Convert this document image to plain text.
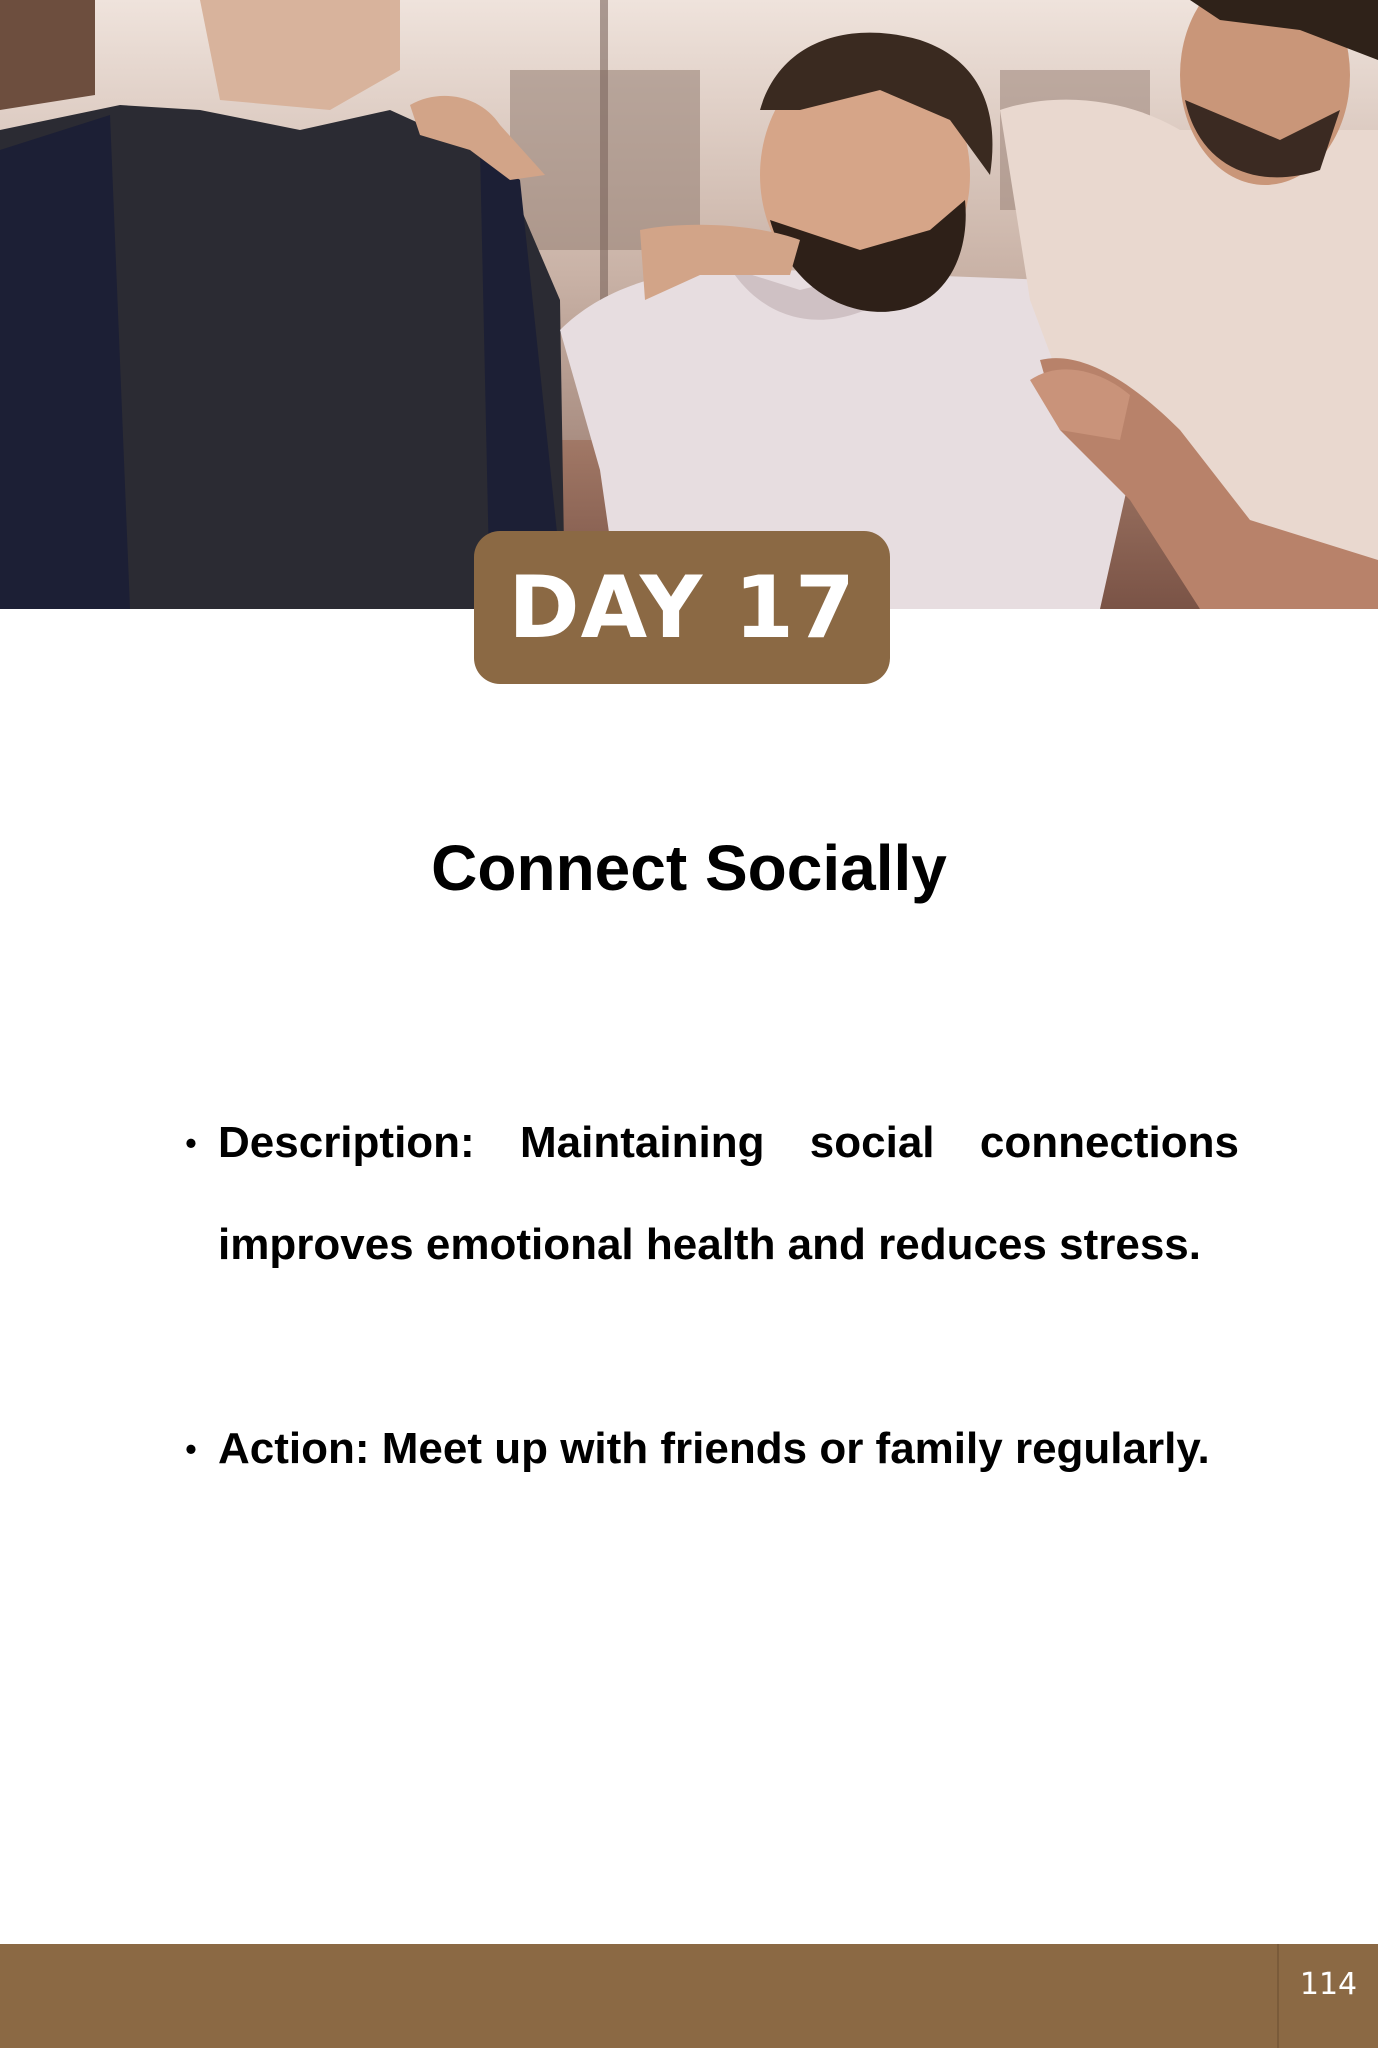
DAY 17
Connect Socially
• Description: Maintaining social connections improves emotional health and reduces stress.
• Action: Meet up with friends or family regularly.
114
